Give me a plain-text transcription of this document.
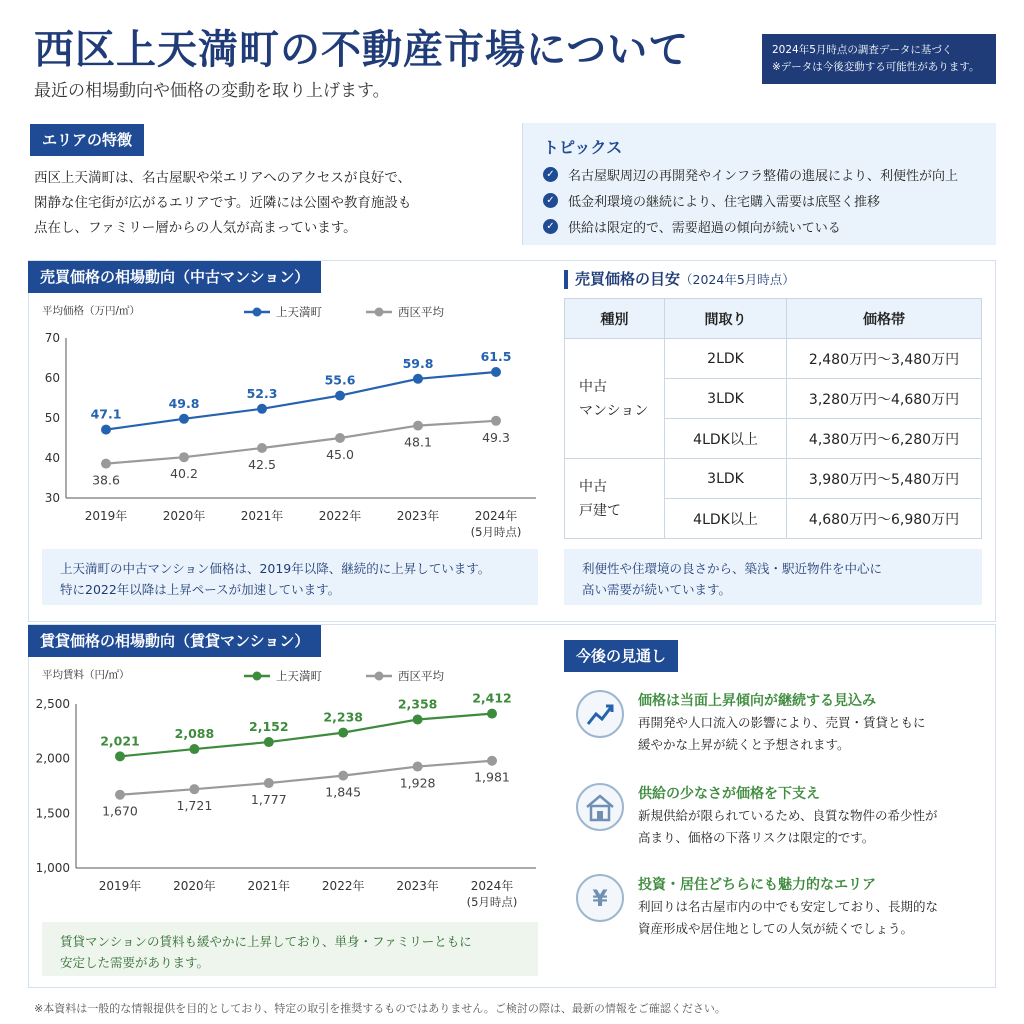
西区上天満町の不動産市場について
最近の相場動向や価格の変動を取り上げます。
2024年5月時点の調査データに基づく
※データは今後変動する可能性があります。
エリアの特徴

西区上天満町は、名古屋駅や栄エリアへのアクセスが良好で、

閑静な住宅街が広がるエリアです。近隣には公園や教育施設も

点在し、ファミリー層からの人気が高まっています。

トピックス
✓ 名古屋駅周辺の再開発やインフラ整備の進展により、利便性が向上
✓ 低金利環境の継続により、住宅購入需要は底堅く推移
✓ 供給は限定的で、需要超過の傾向が続いている
売買価格の相場動向（中古マンション）
平均価格（万円/㎡）	上天満町	西区平均
30
40
50
60
70
2019年	2020年	2021年	2022年	2023年	2024年
(5月時点)
47.1
49.8
52.3
55.6
59.8	61.5
38.6	40.2
42.5
45.0
48.1	49.3

上天満町の中古マンション価格は、2019年以降、継続的に上昇しています。

特に2022年以降は上昇ペースが加速しています。

売買価格の目安（2024年5月時点）
種別	間取り	価格帯

中古
マンション	2LDK	2,480万円〜3,480万円
	3LDK	3,280万円〜4,680万円
	4LDK以上	4,380万円〜6,280万円

中古
戸建て	3LDK	3,980万円〜5,480万円
	4LDK以上	4,680万円〜6,980万円

利便性や住環境の良さから、築浅・駅近物件を中心に

高い需要が続いています。

賃貸価格の相場動向（賃貸マンション）
平均賃料（円/㎡）	上天満町	西区平均
1,000
1,500
2,000
2,500
2019年	2020年	2021年	2022年	2023年	2024年
(5月時点)
2,021	2,088	2,152
2,238
2,358	2,412
1,670	1,721	1,777	1,845
1,928	1,981

賃貸マンションの賃料も緩やかに上昇しており、単身・ファミリーともに

安定した需要があります。

今後の見通し
価格は当面上昇傾向が継続する見込み

再開発や人口流入の影響により、売買・賃貸ともに

緩やかな上昇が続くと予想されます。

供給の少なさが価格を下支え

新規供給が限られているため、良質な物件の希少性が

高まり、価格の下落リスクは限定的です。

¥
投資・居住どちらにも魅力的なエリア

利回りは名古屋市内の中でも安定しており、長期的な

資産形成や居住地としての人気が続くでしょう。

※本資料は一般的な情報提供を目的としており、特定の取引を推奨するものではありません。ご検討の際は、最新の情報をご確認ください。
